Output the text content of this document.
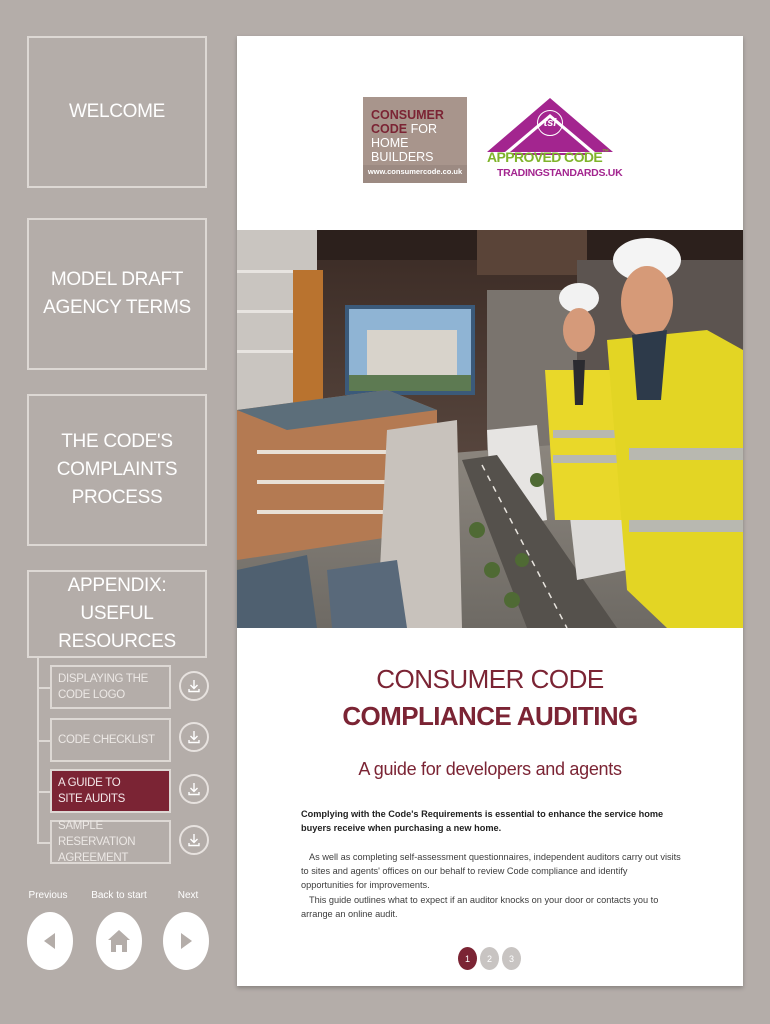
WELCOME
MODEL DRAFT
AGENCY TERMS
THE CODE'S
COMPLAINTS
PROCESS
APPENDIX:
USEFUL RESOURCES
DISPLAYING THE
CODE LOGO
CODE CHECKLIST
A GUIDE TO
SITE AUDITS
SAMPLE RESERVATION
AGREEMENT
Previous	Back to start	Next
CONSUMER
CODE FOR
HOME BUILDERS
www.consumercode.co.uk
tsi
APPROVED CODE™
TRADINGSTANDARDS.UK
CONSUMER CODE
COMPLIANCE AUDITING
A guide for developers and agents
Complying with the Code's Requirements is essential to enhance the service home buyers receive when purchasing a new home.
As well as completing self-assessment questionnaires, independent auditors carry out visits to sites and agents' offices on our behalf to review Code compliance and identify opportunities for improvements.
This guide outlines what to expect if an auditor knocks on your door or contacts you to arrange an online audit.
1	2	3
